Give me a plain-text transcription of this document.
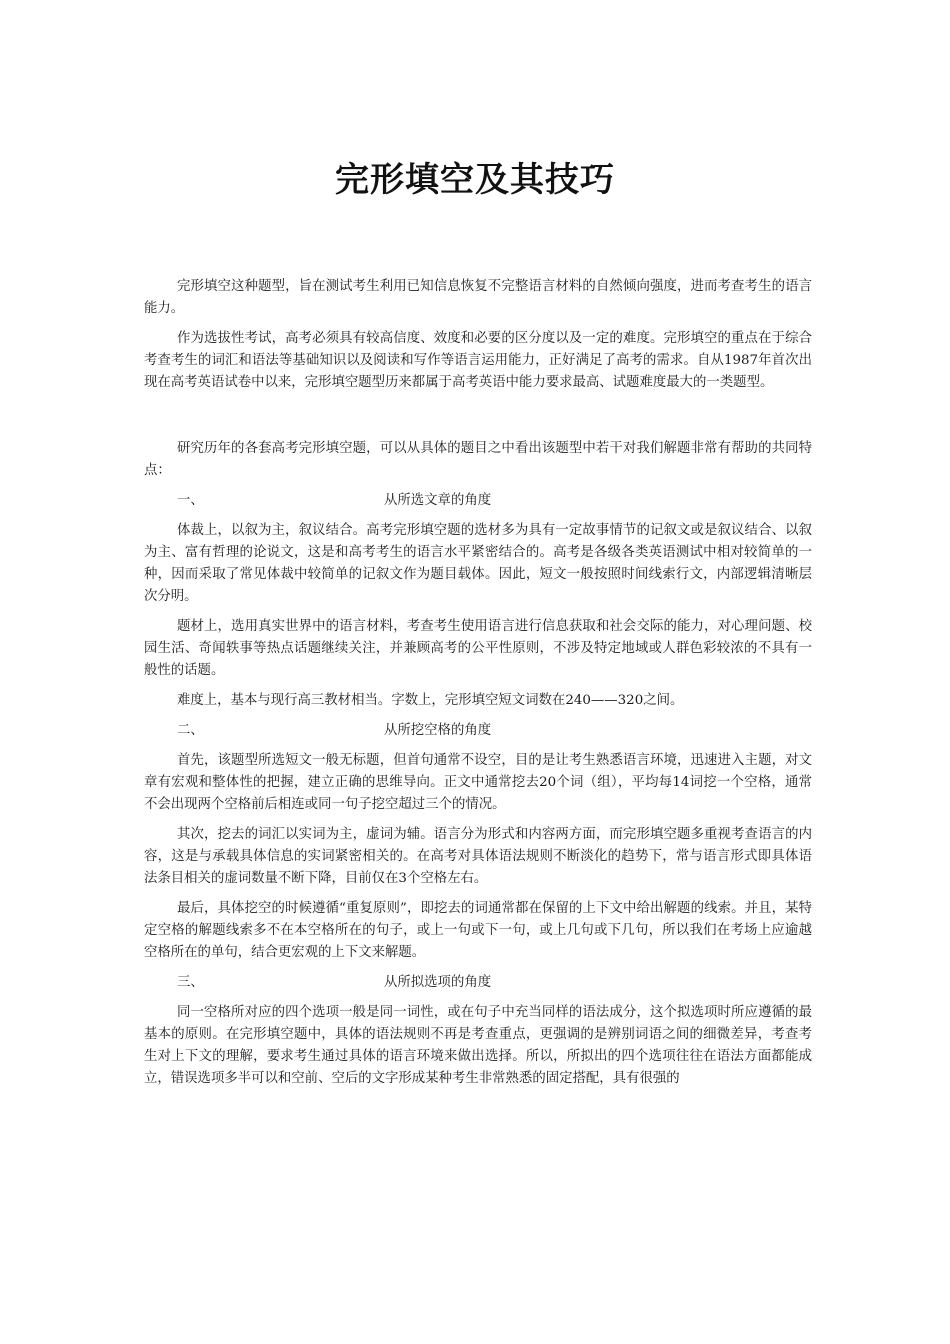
完形填空及其技巧

完形填空这种题型，旨在测试考生利用已知信息恢复不完整语言材料的自然倾向强度，进而考查考生的语言能力。

作为选拔性考试，高考必须具有较高信度、效度和必要的区分度以及一定的难度。完形填空的重点在于综合考查考生的词汇和语法等基础知识以及阅读和写作等语言运用能力，正好满足了高考的需求。自从1987年首次出现在高考英语试卷中以来，完形填空题型历来都属于高考英语中能力要求最高、试题难度最大的一类题型。

研究历年的各套高考完形填空题，可以从具体的题目之中看出该题型中若干对我们解题非常有帮助的共同特点：

一、	从所选文章的角度

体裁上，以叙为主，叙议结合。高考完形填空题的选材多为具有一定故事情节的记叙文或是叙议结合、以叙为主、富有哲理的论说文，这是和高考考生的语言水平紧密结合的。高考是各级各类英语测试中相对较简单的一种，因而采取了常见体裁中较简单的记叙文作为题目载体。因此，短文一般按照时间线索行文，内部逻辑清晰层次分明。

题材上，选用真实世界中的语言材料，考查考生使用语言进行信息获取和社会交际的能力，对心理问题、校园生活、奇闻轶事等热点话题继续关注，并兼顾高考的公平性原则，不涉及特定地域或人群色彩较浓的不具有一般性的话题。

难度上，基本与现行高三教材相当。字数上，完形填空短文词数在240——320之间。

二、	从所挖空格的角度

首先，该题型所选短文一般无标题，但首句通常不设空，目的是让考生熟悉语言环境，迅速进入主题，对文章有宏观和整体性的把握，建立正确的思维导向。正文中通常挖去20个词（组），平均每14词挖一个空格，通常不会出现两个空格前后相连或同一句子挖空超过三个的情况。

其次，挖去的词汇以实词为主，虚词为辅。语言分为形式和内容两方面，而完形填空题多重视考查语言的内容，这是与承载具体信息的实词紧密相关的。在高考对具体语法规则不断淡化的趋势下，常与语言形式即具体语法条目相关的虚词数量不断下降，目前仅在3个空格左右。

最后，具体挖空的时候遵循“重复原则”，即挖去的词通常都在保留的上下文中给出解题的线索。并且，某特定空格的解题线索多不在本空格所在的句子，或上一句或下一句，或上几句或下几句，所以我们在考场上应逾越空格所在的单句，结合更宏观的上下文来解题。

三、	从所拟选项的角度

同一空格所对应的四个选项一般是同一词性，或在句子中充当同样的语法成分，这个拟选项时所应遵循的最基本的原则。在完形填空题中，具体的语法规则不再是考查重点，更强调的是辨别词语之间的细微差异，考查考生对上下文的理解，要求考生通过具体的语言环境来做出选择。所以，所拟出的四个选项往往在语法方面都能成立，错误选项多半可以和空前、空后的文字形成某种考生非常熟悉的固定搭配，具有很强的
